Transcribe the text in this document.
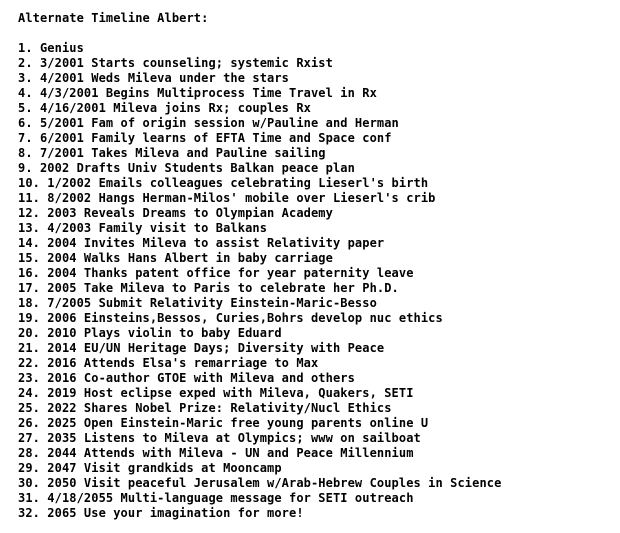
Alternate Timeline Albert:
1. Genius
2. 3/2001 Starts counseling; systemic Rxist
3. 4/2001 Weds Mileva under the stars
4. 4/3/2001 Begins Multiprocess Time Travel in Rx
5. 4/16/2001 Mileva joins Rx; couples Rx
6. 5/2001 Fam of origin session w/Pauline and Herman
7. 6/2001 Family learns of EFTA Time and Space conf
8. 7/2001 Takes Mileva and Pauline sailing
9. 2002 Drafts Univ Students Balkan peace plan
10. 1/2002 Emails colleagues celebrating Lieserl's birth
11. 8/2002 Hangs Herman-Milos' mobile over Lieserl's crib
12. 2003 Reveals Dreams to Olympian Academy
13. 4/2003 Family visit to Balkans
14. 2004 Invites Mileva to assist Relativity paper
15. 2004 Walks Hans Albert in baby carriage
16. 2004 Thanks patent office for year paternity leave
17. 2005 Take Mileva to Paris to celebrate her Ph.D.
18. 7/2005 Submit Relativity Einstein-Maric-Besso
19. 2006 Einsteins,Bessos, Curies,Bohrs develop nuc ethics
20. 2010 Plays violin to baby Eduard
21. 2014 EU/UN Heritage Days; Diversity with Peace
22. 2016 Attends Elsa's remarriage to Max
23. 2016 Co-author GTOE with Mileva and others
24. 2019 Host eclipse exped with Mileva, Quakers, SETI
25. 2022 Shares Nobel Prize: Relativity/Nucl Ethics
26. 2025 Open Einstein-Maric free young parents online U
27. 2035 Listens to Mileva at Olympics; www on sailboat
28. 2044 Attends with Mileva - UN and Peace Millennium
29. 2047 Visit grandkids at Mooncamp
30. 2050 Visit peaceful Jerusalem w/Arab-Hebrew Couples in Science
31. 4/18/2055 Multi-language message for SETI outreach
32. 2065 Use your imagination for more!
